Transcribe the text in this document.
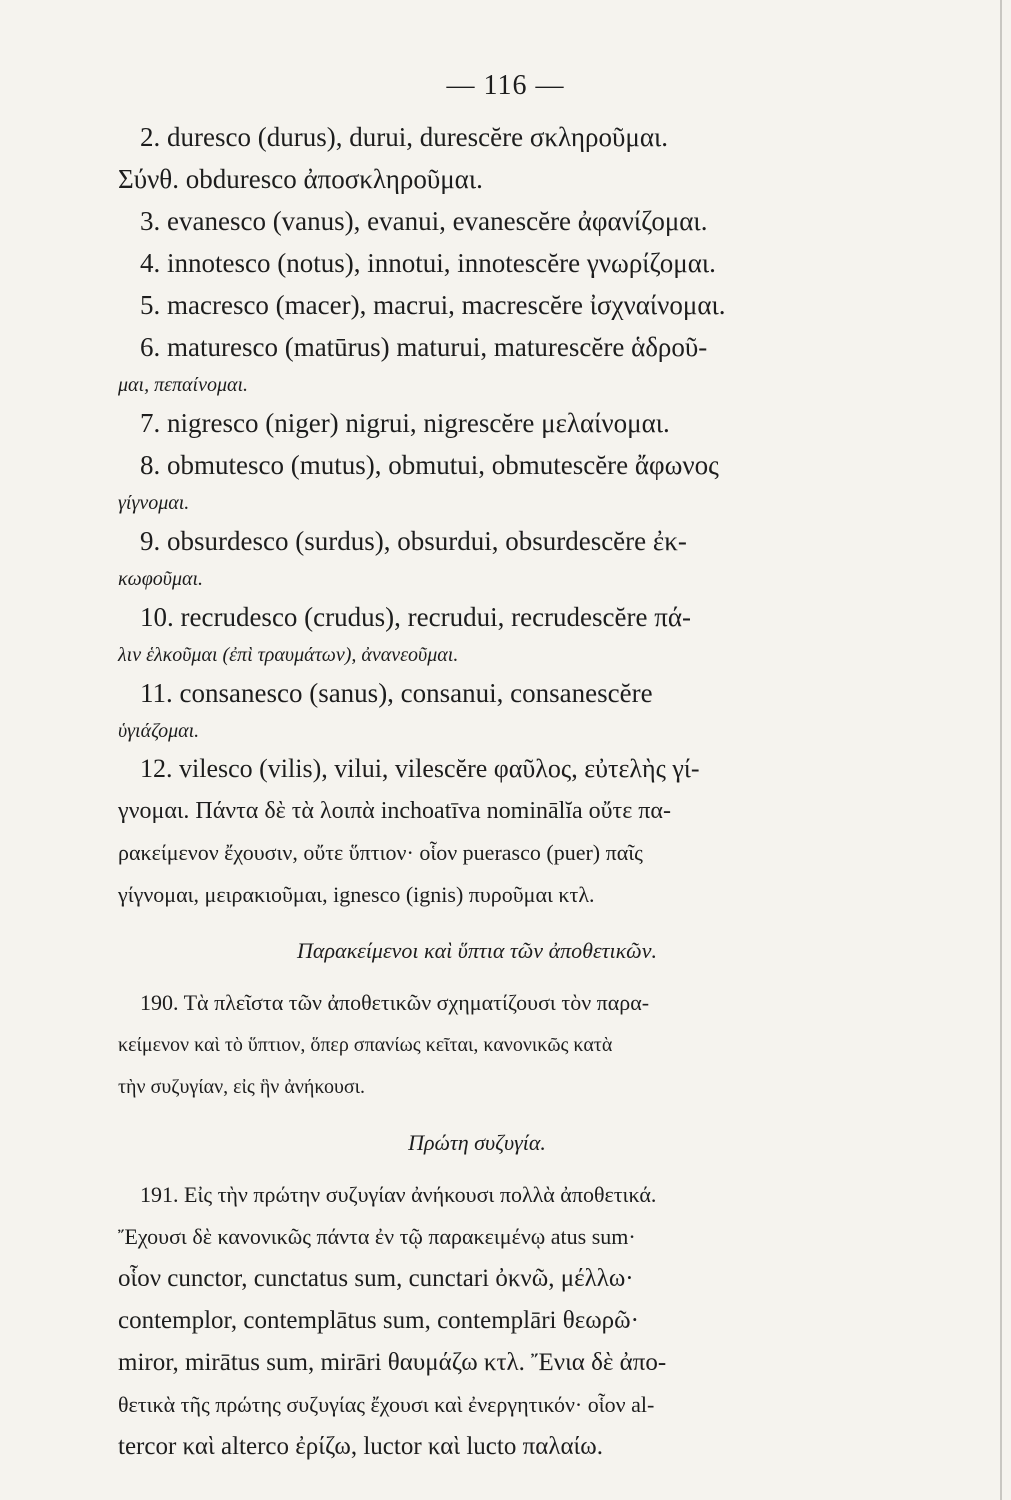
— 116 —

2. duresco (durus), durui, durescĕre σκληροῦμαι.

Σύνθ. obduresco ἀποσκληροῦμαι.

3. evanesco (vanus), evanui, evanescĕre ἀφανίζομαι.

4. innotesco (notus), innotui, innotescĕre γνωρίζομαι.

5. macresco (macer), macrui, macrescĕre ἰσχναίνομαι.

6. maturesco (matūrus) maturui, maturescĕre ἁδροῦ-

μαι, πεπαίνομαι.

7. nigresco (niger) nigrui, nigrescĕre μελαίνομαι.

8. obmutesco (mutus), obmutui, obmutescĕre ἄφωνος

γίγνομαι.

9. obsurdesco (surdus), obsurdui, obsurdescĕre ἐκ-

κωφοῦμαι.

10. recrudesco (crudus), recrudui, recrudescĕre πά-

λιν ἑλκοῦμαι (ἐπὶ τραυμάτων), ἀνανεοῦμαι.

11. consanesco (sanus), consanui, consanescĕre

ὑγιάζομαι.

12. vilesco (vilis), vilui, vilescĕre φαῦλος, εὐτελὴς γί-

γνομαι. Πάντα δὲ τὰ λοιπὰ inchoatīva nominālĭa οὔτε πα-

ρακείμενον ἔχουσιν, οὔτε ὕπτιον· οἷον puerasco (puer) παῖς

γίγνομαι, μειρακιοῦμαι, ignesco (ignis) πυροῦμαι κτλ.

Παρακείμενοι καὶ ὕπτια τῶν ἀποθετικῶν.

190. Τὰ πλεῖστα τῶν ἀποθετικῶν σχηματίζουσι τὸν παρα-

κείμενον καὶ τὸ ὕπτιον, ὅπερ σπανίως κεῖται, κανονικῶς κατὰ

τὴν συζυγίαν, εἰς ἣν ἀνήκουσι.

Πρώτη συζυγία.

191. Εἰς τὴν πρώτην συζυγίαν ἀνήκουσι πολλὰ ἀποθετικά.

Ἔχουσι δὲ κανονικῶς πάντα ἐν τῷ παρακειμένῳ atus sum·

οἷον cunctor, cunctatus sum, cunctari ὀκνῶ, μέλλω·

contemplor, contemplātus sum, contemplāri θεωρῶ·

miror, mirātus sum, mirāri θαυμάζω κτλ. Ἔνια δὲ ἀπο-

θετικὰ τῆς πρώτης συζυγίας ἔχουσι καὶ ἐνεργητικόν· οἷον al-

tercor καὶ alterco ἐρίζω, luctor καὶ lucto παλαίω.
